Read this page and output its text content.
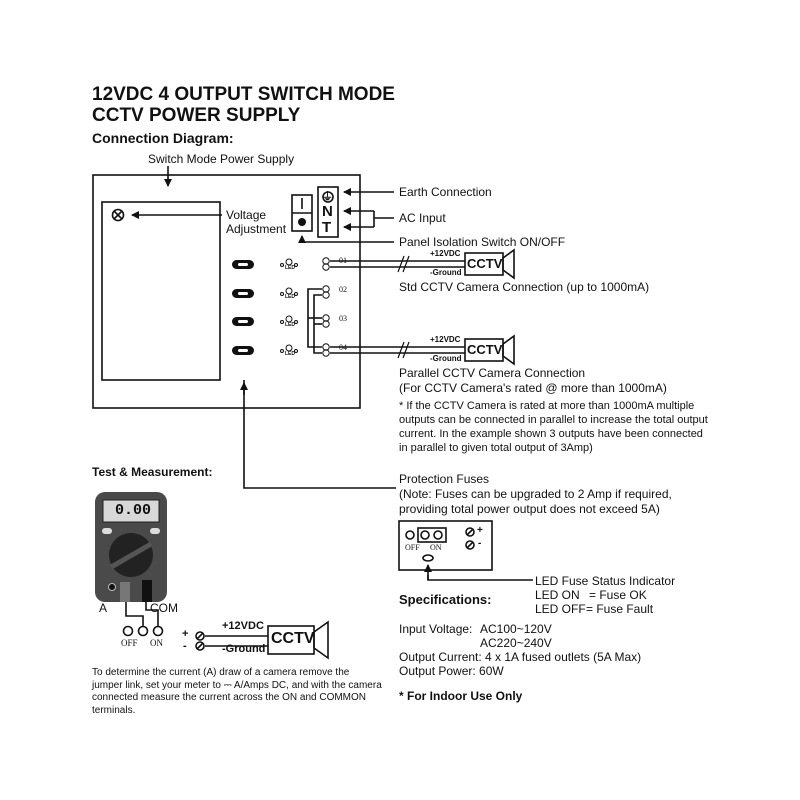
12VDC 4 OUTPUT SWITCH MODE
CCTV POWER SUPPLY
Connection Diagram:
Switch Mode Power Supply
Voltage
Adjustment
⏚
N
T
Earth Connection
AC Input
Panel Isolation Switch ON/OFF
LED
LED
LED
LED
01
02
03
04
+12VDC
-Ground
CCTV
Std CCTV Camera Connection (up to 1000mA)
+12VDC
-Ground
CCTV
Parallel CCTV Camera Connection
(For CCTV Camera's rated @ more than 1000mA)
* If the CCTV Camera is rated at more than 1000mA multiple outputs can be connected in parallel to increase the total output current. In the example shown 3 outputs have been connected in parallel to given total output of 3Amp)
Protection Fuses
(Note: Fuses can be upgraded to 2 Amp if required,
providing total power output does not exceed 5A)
OFF ON
+
-
LED Fuse Status Indicator
LED ON = Fuse OK
LED OFF = Fuse Fault
Specifications:
Input Voltage: AC100~120V
AC220~240V
Output Current: 4 x 1A fused outlets (5A Max)
Output Power: 60W
* For Indoor Use Only
Test & Measurement:
0.00
A	COM
OFF ON
+
-
+12VDC
-Ground
CCTV
To determine the current (A) draw of a camera remove the jumper link, set your meter to ⎓ A/Amps DC, and with the camera connected measure the current across the ON and COMMON terminals.
